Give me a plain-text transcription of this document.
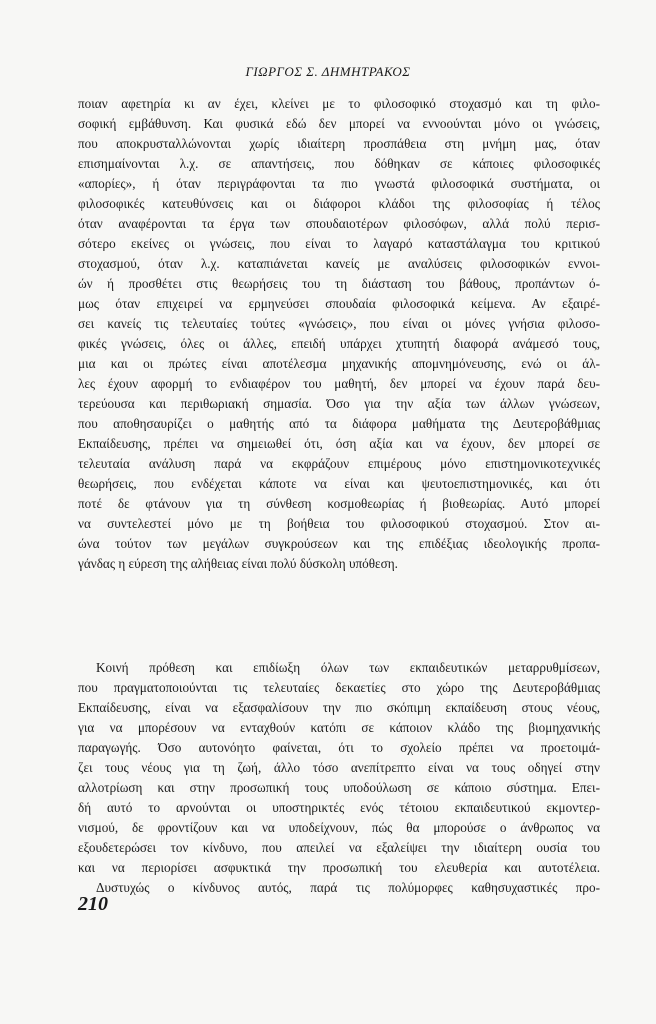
ΓΙΩΡΓΟΣ Σ. ΔΗΜΗΤΡΑΚΟΣ
ποιαν αφετηρία κι αν έχει, κλείνει με το φιλοσοφικό στοχασμό και τη φιλο-
σοφική εμβάθυνση. Και φυσικά εδώ δεν μπορεί να εννοούνται μόνο οι γνώσεις,
που αποκρυσταλλώνονται χωρίς ιδιαίτερη προσπάθεια στη μνήμη μας, όταν
επισημαίνονται λ.χ. σε απαντήσεις, που δόθηκαν σε κάποιες φιλοσοφικές
«απορίες», ή όταν περιγράφονται τα πιο γνωστά φιλοσοφικά συστήματα, οι
φιλοσοφικές κατευθύνσεις και οι διάφοροι κλάδοι της φιλοσοφίας ή τέλος
όταν αναφέρονται τα έργα των σπουδαιοτέρων φιλοσόφων, αλλά πολύ περισ-
σότερο εκείνες οι γνώσεις, που είναι το λαγαρό καταστάλαγμα του κριτικού
στοχασμού, όταν λ.χ. καταπιάνεται κανείς με αναλύσεις φιλοσοφικών εννοι-
ών ή προσθέτει στις θεωρήσεις του τη διάσταση του βάθους, προπάντων ό-
μως όταν επιχειρεί να ερμηνεύσει σπουδαία φιλοσοφικά κείμενα. Αν εξαιρέ-
σει κανείς τις τελευταίες τούτες «γνώσεις», που είναι οι μόνες γνήσια φιλοσο-
φικές γνώσεις, όλες οι άλλες, επειδή υπάρχει χτυπητή διαφορά ανάμεσό τους,
μια και οι πρώτες είναι αποτέλεσμα μηχανικής απομνημόνευσης, ενώ οι άλ-
λες έχουν αφορμή το ενδιαφέρον του μαθητή, δεν μπορεί να έχουν παρά δευ-
τερεύουσα και περιθωριακή σημασία. Όσο για την αξία των άλλων γνώσεων,
που αποθησαυρίζει ο μαθητής από τα διάφορα μαθήματα της Δευτεροβάθμιας
Εκπαίδευσης, πρέπει να σημειωθεί ότι, όση αξία και να έχουν, δεν μπορεί σε
τελευταία ανάλυση παρά να εκφράζουν επιμέρους μόνο επιστημονικοτεχνικές
θεωρήσεις, που ενδέχεται κάποτε να είναι και ψευτοεπιστημονικές, και ότι
ποτέ δε φτάνουν για τη σύνθεση κοσμοθεωρίας ή βιοθεωρίας. Αυτό μπορεί
να συντελεστεί μόνο με τη βοήθεια του φιλοσοφικού στοχασμού. Στον αι-
ώνα τούτον των μεγάλων συγκρούσεων και της επιδέξιας ιδεολογικής προπα-
γάνδας η εύρεση της αλήθειας είναι πολύ δύσκολη υπόθεση.
Κοινή πρόθεση και επιδίωξη όλων των εκπαιδευτικών μεταρρυθμίσεων,
που πραγματοποιούνται τις τελευταίες δεκαετίες στο χώρο της Δευτεροβάθμιας
Εκπαίδευσης, είναι να εξασφαλίσουν την πιο σκόπιμη εκπαίδευση στους νέους,
για να μπορέσουν να ενταχθούν κατόπι σε κάποιον κλάδο της βιομηχανικής
παραγωγής. Όσο αυτονόητο φαίνεται, ότι το σχολείο πρέπει να προετοιμά-
ζει τους νέους για τη ζωή, άλλο τόσο ανεπίτρεπτο είναι να τους οδηγεί στην
αλλοτρίωση και στην προσωπική τους υποδούλωση σε κάποιο σύστημα. Επει-
δή αυτό το αρνούνται οι υποστηρικτές ενός τέτοιου εκπαιδευτικού εκμοντερ-
νισμού, δε φροντίζουν και να υποδείχνουν, πώς θα μπορούσε ο άνθρωπος να
εξουδετερώσει τον κίνδυνο, που απειλεί να εξαλείψει την ιδιαίτερη ουσία του
και να περιορίσει ασφυκτικά την προσωπική του ελευθερία και αυτοτέλεια.
Δυστυχώς ο κίνδυνος αυτός, παρά τις πολύμορφες καθησυχαστικές προ-
210
